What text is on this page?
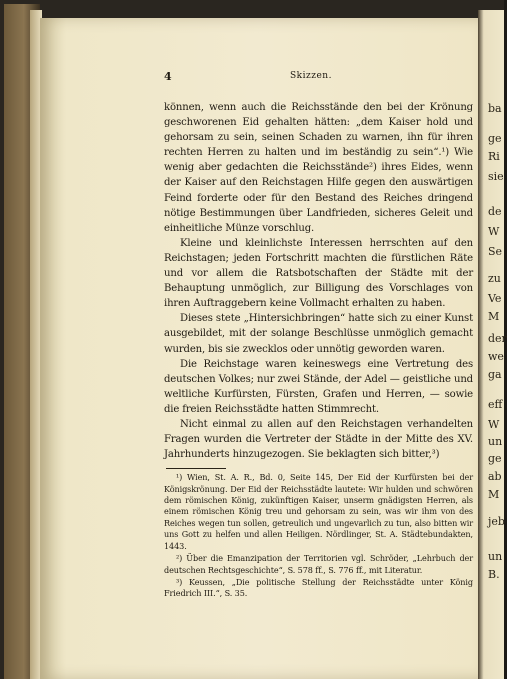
ba
ge
Ri
sie
de
W
Se
zu
Ve
M
der
we
ga
eff
W
un
ge
ab
M
jeb
un
B.
4	Skizzen.

können, wenn auch die Reichsstände den bei der Krönung geschworenen Eid gehalten hätten: „dem Kaiser hold und gehorsam zu sein, seinen Schaden zu warnen, ihn für ihren rechten Herren zu halten und im beständig zu sein“.¹) Wie wenig aber gedachten die Reichsstände²) ihres Eides, wenn der Kaiser auf den Reichstagen Hilfe gegen den auswärtigen Feind forderte oder für den Bestand des Reiches dringend nötige Bestimmungen über Landfrieden, sicheres Geleit und einheitliche Münze vorschlug.

Kleine und kleinlichste Interessen herrschten auf den Reichstagen; jeden Fortschritt machten die fürstlichen Räte und vor allem die Ratsbotschaften der Städte mit der Behauptung unmöglich, zur Billigung des Vorschlages von ihren Auftraggebern keine Vollmacht erhalten zu haben.

Dieses stete „Hintersichbringen“ hatte sich zu einer Kunst ausgebildet, mit der solange Beschlüsse unmöglich gemacht wurden, bis sie zwecklos oder unnötig geworden waren.

Die Reichstage waren keineswegs eine Vertretung des deutschen Volkes; nur zwei Stände, der Adel — geistliche und weltliche Kurfürsten, Fürsten, Grafen und Herren, — sowie die freien Reichsstädte hatten Stimmrecht.

Nicht einmal zu allen auf den Reichstagen verhandelten Fragen wurden die Vertreter der Städte in der Mitte des XV. Jahrhunderts hinzugezogen. Sie beklagten sich bitter,³)

¹) Wien, St. A. R., Bd. 0, Seite 145, Der Eid der Kurfürsten bei der Königskrönung. Der Eid der Reichsstädte lautete: Wir hulden und schwören dem römischen König, zukünftigen Kaiser, unserm gnädigsten Herren, als einem römischen König treu und gehorsam zu sein, was wir ihm von des Reiches wegen tun sollen, getreulich und ungevarlich zu tun, also bitten wir uns Gott zu helfen und allen Heiligen. Nördlinger, St. A. Städtebundakten, 1443.

²) Über die Emanzipation der Territorien vgl. Schröder, „Lehrbuch der deutschen Rechtsgeschichte“, S. 578 ff., S. 776 ff., mit Literatur.

³) Keussen, „Die politische Stellung der Reichsstädte unter König Friedrich III.“, S. 35.
